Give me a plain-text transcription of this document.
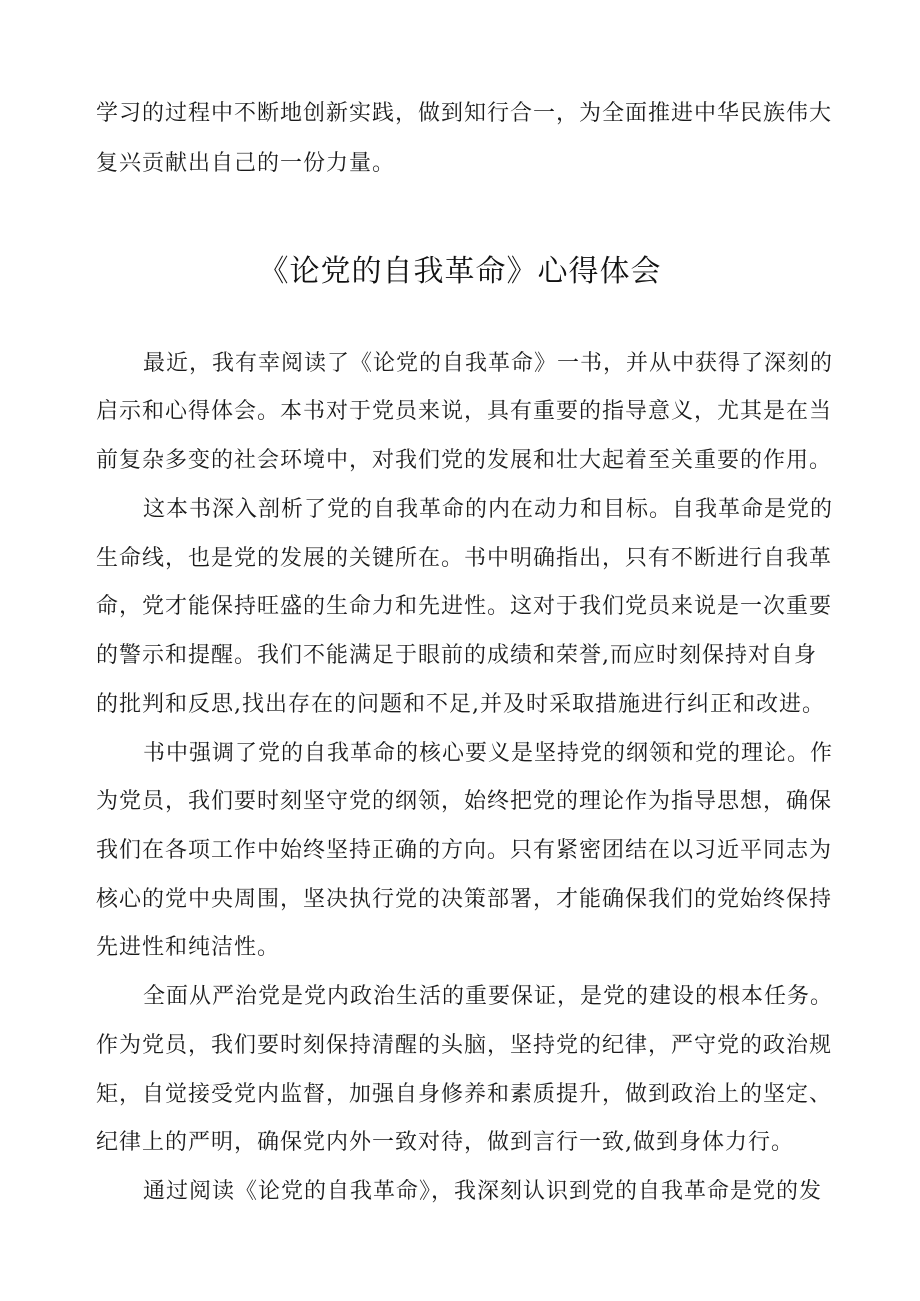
学习的过程中不断地创新实践，做到知行合一，为全面推进中华民族伟大
复兴贡献出自己的一份力量。
《论党的自我革命》心得体会
最近，我有幸阅读了《论党的自我革命》一书，并从中获得了深刻的
启示和心得体会。本书对于党员来说，具有重要的指导意义，尤其是在当
前复杂多变的社会环境中，对我们党的发展和壮大起着至关重要的作用。
这本书深入剖析了党的自我革命的内在动力和目标。自我革命是党的
生命线，也是党的发展的关键所在。书中明确指出，只有不断进行自我革
命，党才能保持旺盛的生命力和先进性。这对于我们党员来说是一次重要
的警示和提醒。我们不能满足于眼前的成绩和荣誉,而应时刻保持对自身
的批判和反思,找出存在的问题和不足,并及时采取措施进行纠正和改进。
书中强调了党的自我革命的核心要义是坚持党的纲领和党的理论。作
为党员，我们要时刻坚守党的纲领，始终把党的理论作为指导思想，确保
我们在各项工作中始终坚持正确的方向。只有紧密团结在以习近平同志为
核心的党中央周围，坚决执行党的决策部署，才能确保我们的党始终保持
先进性和纯洁性。
全面从严治党是党内政治生活的重要保证，是党的建设的根本任务。
作为党员，我们要时刻保持清醒的头脑，坚持党的纪律，严守党的政治规
矩，自觉接受党内监督，加强自身修养和素质提升，做到政治上的坚定、
纪律上的严明，确保党内外一致对待，做到言行一致,做到身体力行。
通过阅读《论党的自我革命》，我深刻认识到党的自我革命是党的发
